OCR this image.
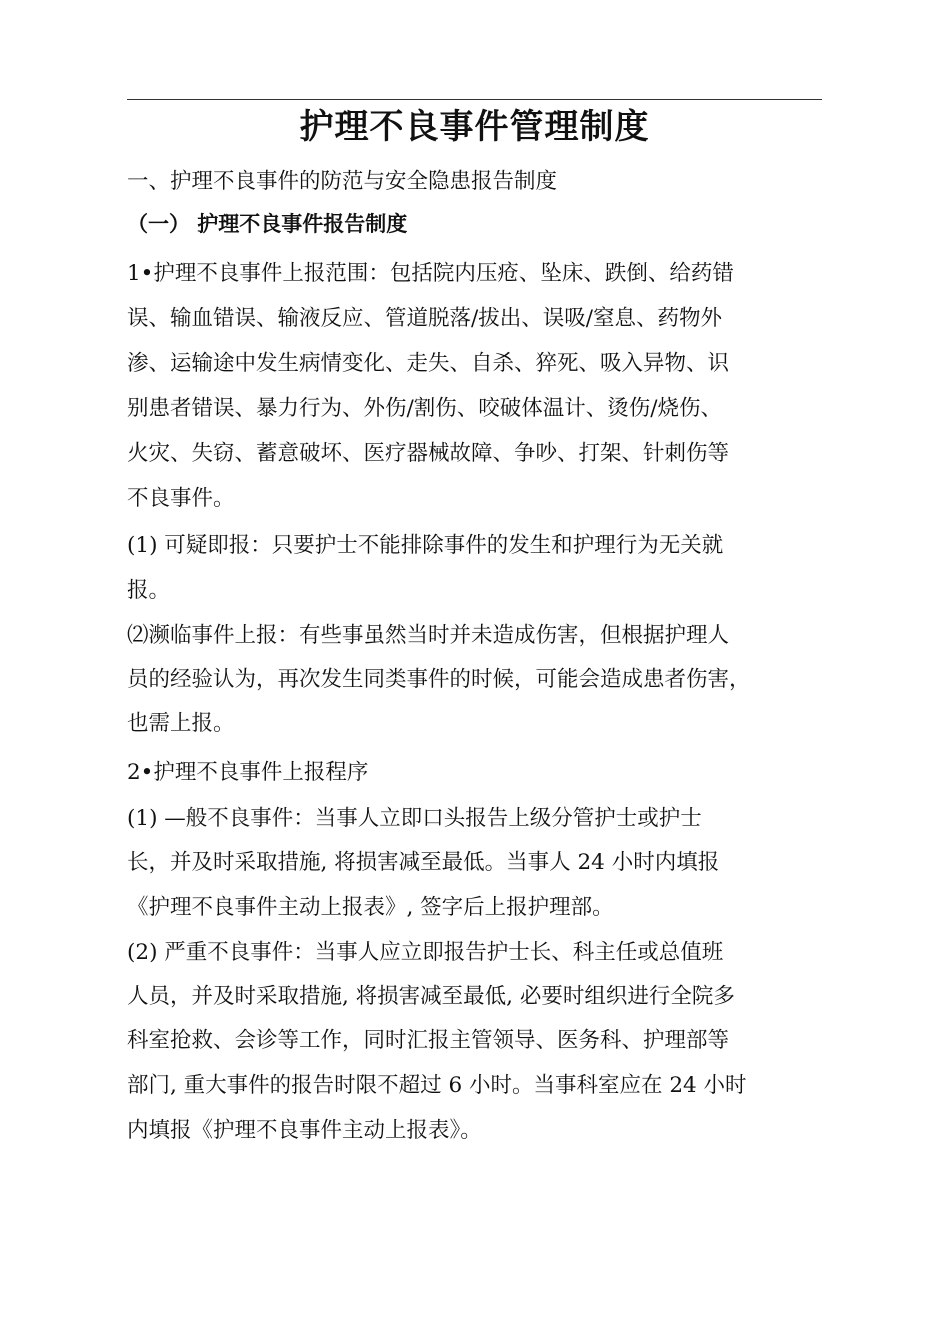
护理不良事件管理制度
一、护理不良事件的防范与安全隐患报告制度
（一） 护理不良事件报告制度
1•护理不良事件上报范围：包括院内压疮、坠床、跌倒、给药错
误、输血错误、输液反应、管道脱落/拔出、误吸/窒息、药物外
渗、运输途中发生病情变化、走失、自杀、猝死、吸入异物、识
别患者错误、暴力行为、外伤/割伤、咬破体温计、烫伤/烧伤、
火灾、失窃、蓄意破坏、医疗器械故障、争吵、打架、针刺伤等
不良事件。
(1) 可疑即报：只要护士不能排除事件的发生和护理行为无关就
报。
⑵濒临事件上报：有些事虽然当时并未造成伤害，但根据护理人
员的经验认为，再次发生同类事件的时候，可能会造成患者伤害，
也需上报。
2•护理不良事件上报程序
(1) —般不良事件：当事人立即口头报告上级分管护士或护士
长，并及时采取措施, 将损害减至最低。当事人 24 小时内填报
《护理不良事件主动上报表》, 签字后上报护理部。
(2) 严重不良事件：当事人应立即报告护士长、科主任或总值班
人员，并及时采取措施, 将损害减至最低, 必要时组织进行全院多
科室抢救、会诊等工作，同时汇报主管领导、医务科、护理部等
部门, 重大事件的报告时限不超过 6 小时。当事科室应在 24 小时
内填报《护理不良事件主动上报表》。
